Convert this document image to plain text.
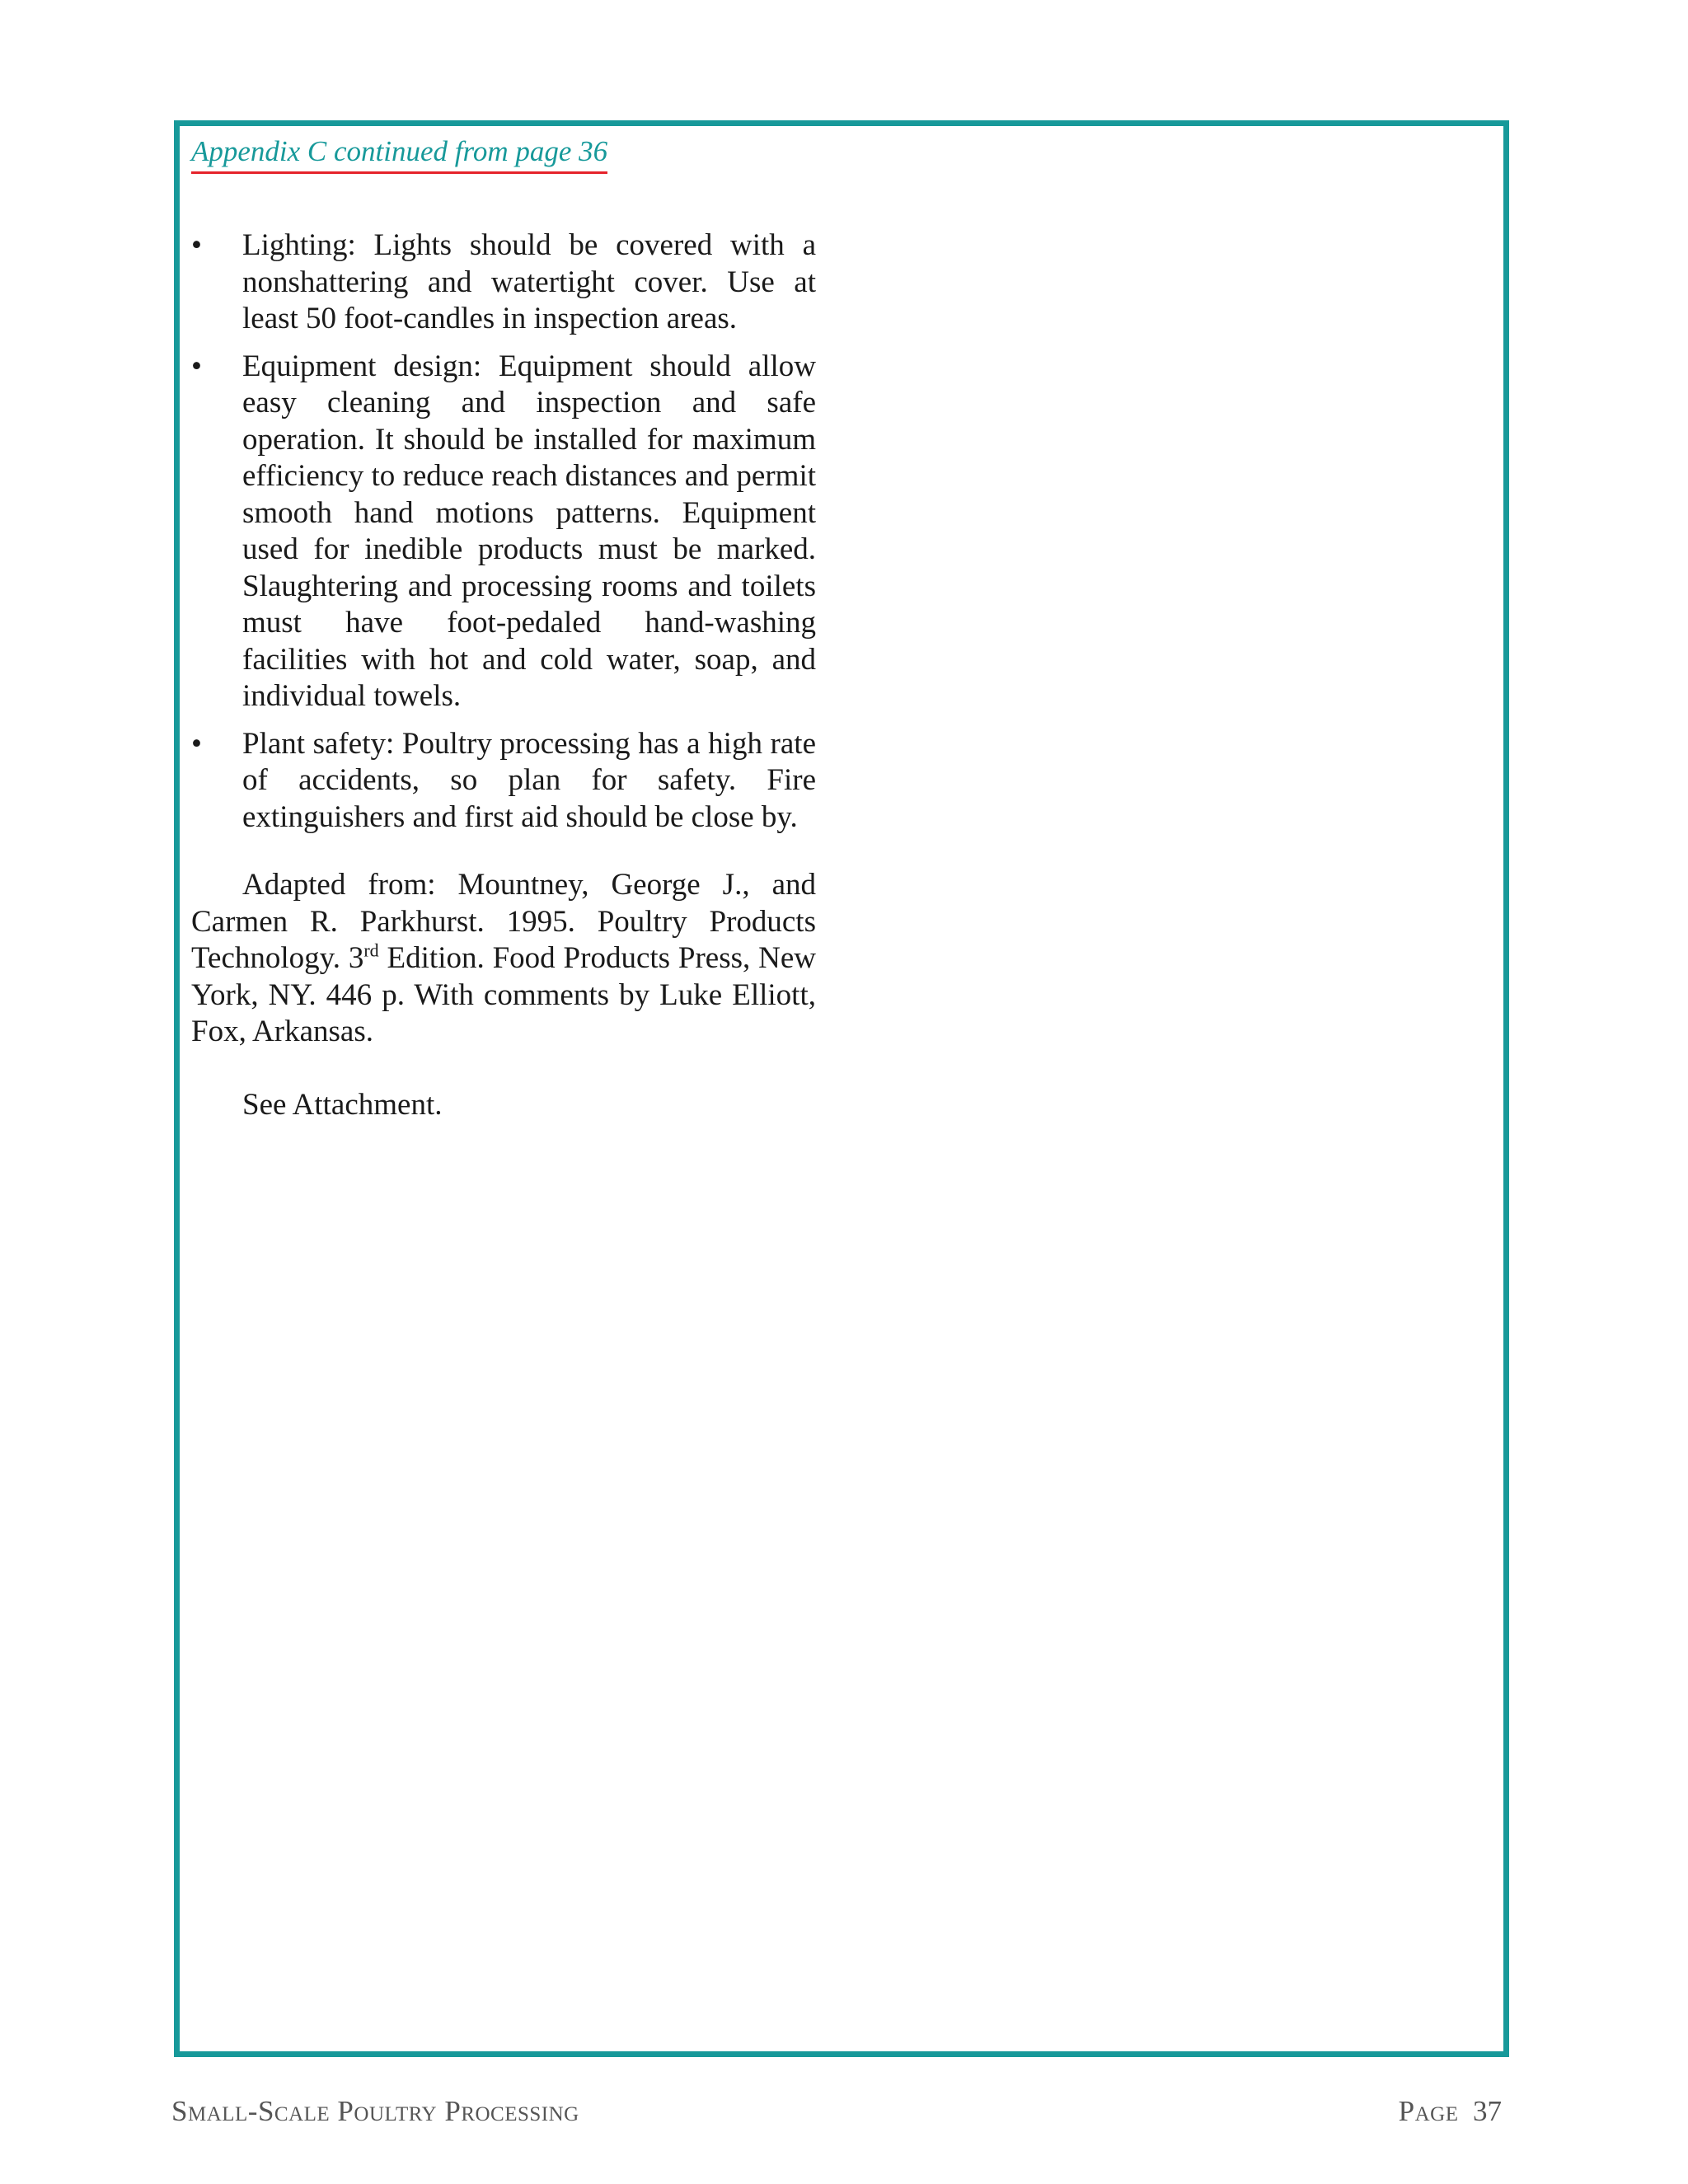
Appendix C continued from page 36
•	Lighting: Lights should be covered with a nonshattering and watertight cover. Use at least 50 foot-candles in inspection areas.
•	Equipment design: Equipment should allow easy cleaning and inspection and safe operation. It should be installed for maximum efficiency to reduce reach distances and permit smooth hand motions patterns. Equipment used for inedible products must be marked. Slaughtering and processing rooms and toilets must have foot-pedaled hand-washing facilities with hot and cold water, soap, and individual towels.
•	Plant safety: Poultry processing has a high rate of accidents, so plan for safety. Fire extinguishers and first aid should be close by.

Adapted from: Mountney, George J., and Carmen R. Parkhurst. 1995. Poultry Products Technology. 3rd Edition. Food Products Press, New York, NY. 446 p. With comments by Luke Elliott, Fox, Arkansas.

See Attachment.

Small-Scale Poultry Processing	Page 37
